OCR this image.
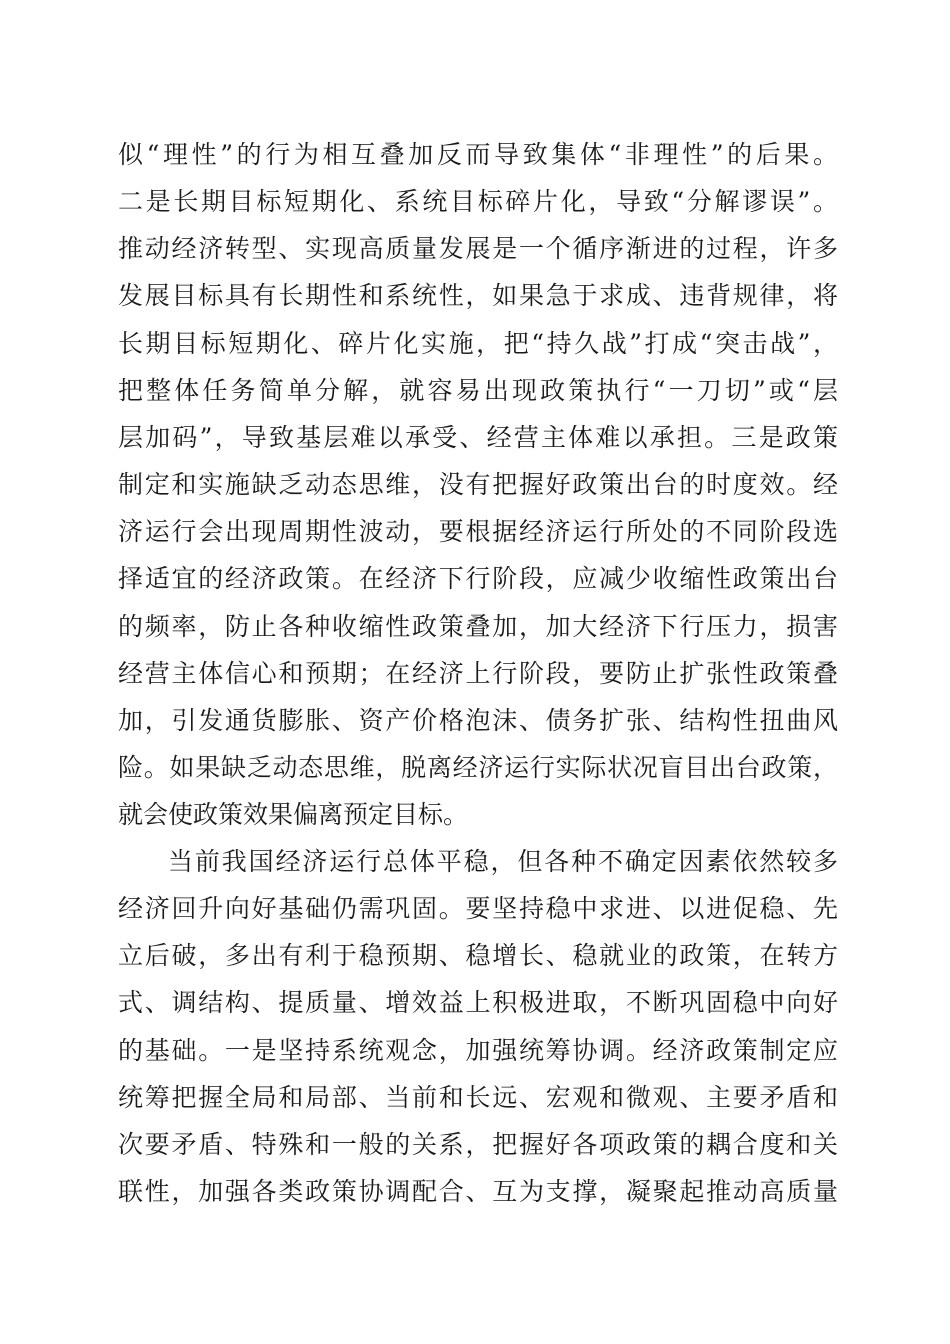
似“理性”的行为相互叠加反而导致集体“非理性”的后果。
二是长期目标短期化、系统目标碎片化，导致“分解谬误”。
推动经济转型、实现高质量发展是一个循序渐进的过程，许多
发展目标具有长期性和系统性，如果急于求成、违背规律，将
长期目标短期化、碎片化实施，把“持久战”打成“突击战”，
把整体任务简单分解，就容易出现政策执行“一刀切”或“层
层加码”，导致基层难以承受、经营主体难以承担。三是政策
制定和实施缺乏动态思维，没有把握好政策出台的时度效。经
济运行会出现周期性波动，要根据经济运行所处的不同阶段选
择适宜的经济政策。在经济下行阶段，应减少收缩性政策出台
的频率，防止各种收缩性政策叠加，加大经济下行压力，损害
经营主体信心和预期；在经济上行阶段，要防止扩张性政策叠
加，引发通货膨胀、资产价格泡沫、债务扩张、结构性扭曲风
险。如果缺乏动态思维，脱离经济运行实际状况盲目出台政策，
就会使政策效果偏离预定目标。
当前我国经济运行总体平稳，但各种不确定因素依然较多
经济回升向好基础仍需巩固。要坚持稳中求进、以进促稳、先
立后破，多出有利于稳预期、稳增长、稳就业的政策，在转方
式、调结构、提质量、增效益上积极进取，不断巩固稳中向好
的基础。一是坚持系统观念，加强统筹协调。经济政策制定应
统筹把握全局和局部、当前和长远、宏观和微观、主要矛盾和
次要矛盾、特殊和一般的关系，把握好各项政策的耦合度和关
联性，加强各类政策协调配合、互为支撑，凝聚起推动高质量
